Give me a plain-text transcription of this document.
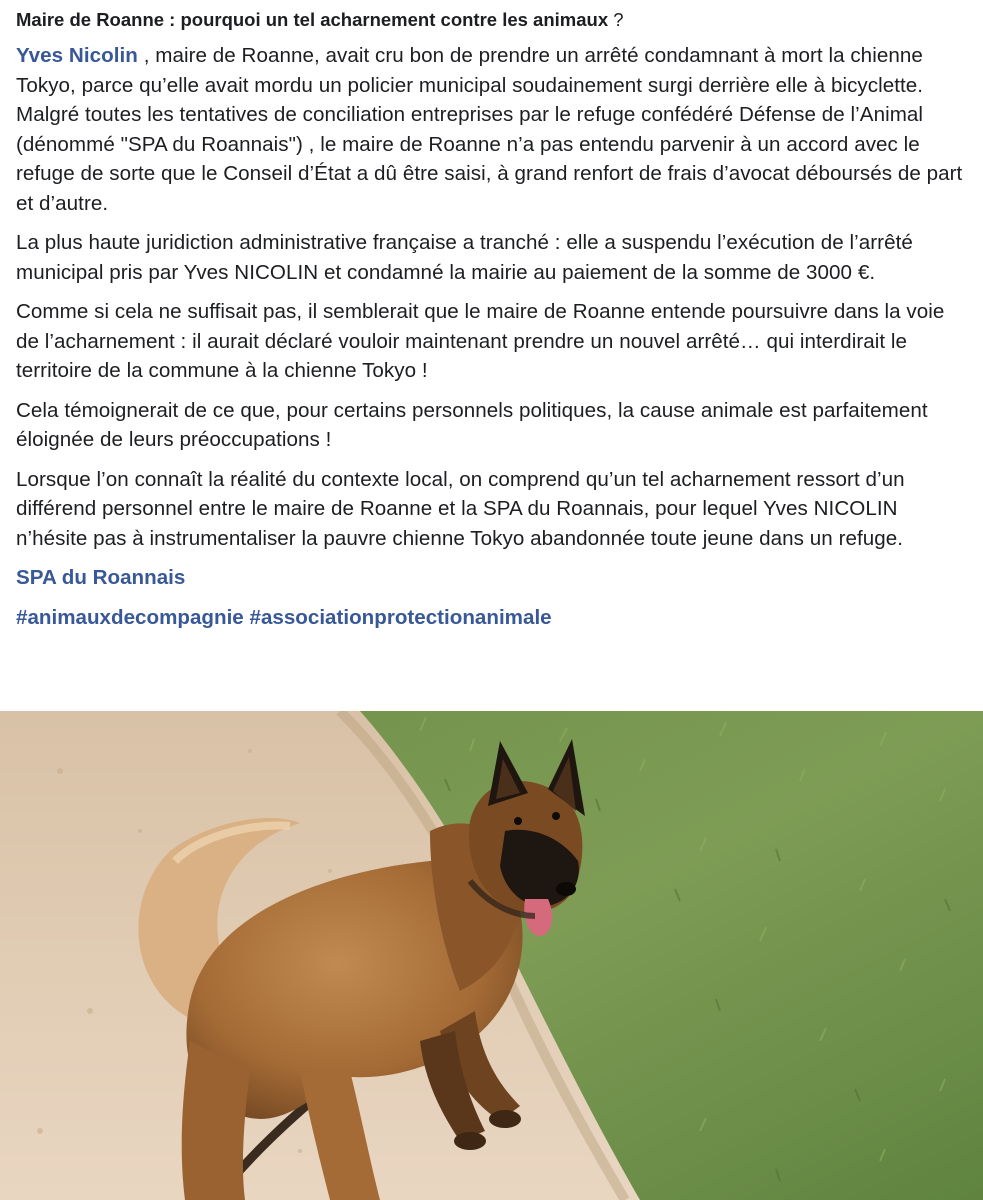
Maire de Roanne : pourquoi un tel acharnement contre les animaux ?

Yves Nicolin , maire de Roanne, avait cru bon de prendre un arrêté condamnant à mort la chienne Tokyo, parce qu’elle avait mordu un policier municipal soudainement surgi derrière elle à bicyclette. Malgré toutes les tentatives de conciliation entreprises par le refuge confédéré Défense de l’Animal (dénommé "SPA du Roannais") , le maire de Roanne n’a pas entendu parvenir à un accord avec le refuge de sorte que le Conseil d’État a dû être saisi, à grand renfort de frais d’avocat déboursés de part et d’autre.

La plus haute juridiction administrative française a tranché : elle a suspendu l’exécution de l’arrêté municipal pris par Yves NICOLIN et condamné la mairie au paiement de la somme de 3000 €.

Comme si cela ne suffisait pas, il semblerait que le maire de Roanne entende poursuivre dans la voie de l’acharnement : il aurait déclaré vouloir maintenant prendre un nouvel arrêté… qui interdirait le territoire de la commune à la chienne Tokyo !

Cela témoignerait de ce que, pour certains personnels politiques, la cause animale est parfaitement éloignée de leurs préoccupations !

Lorsque l’on connaît la réalité du contexte local, on comprend qu’un tel acharnement ressort d’un différend personnel entre le maire de Roanne et la SPA du Roannais, pour lequel Yves NICOLIN n’hésite pas à instrumentaliser la pauvre chienne Tokyo abandonnée toute jeune dans un refuge.

SPA du Roannais

#animauxdecompagnie #associationprotectionanimale
